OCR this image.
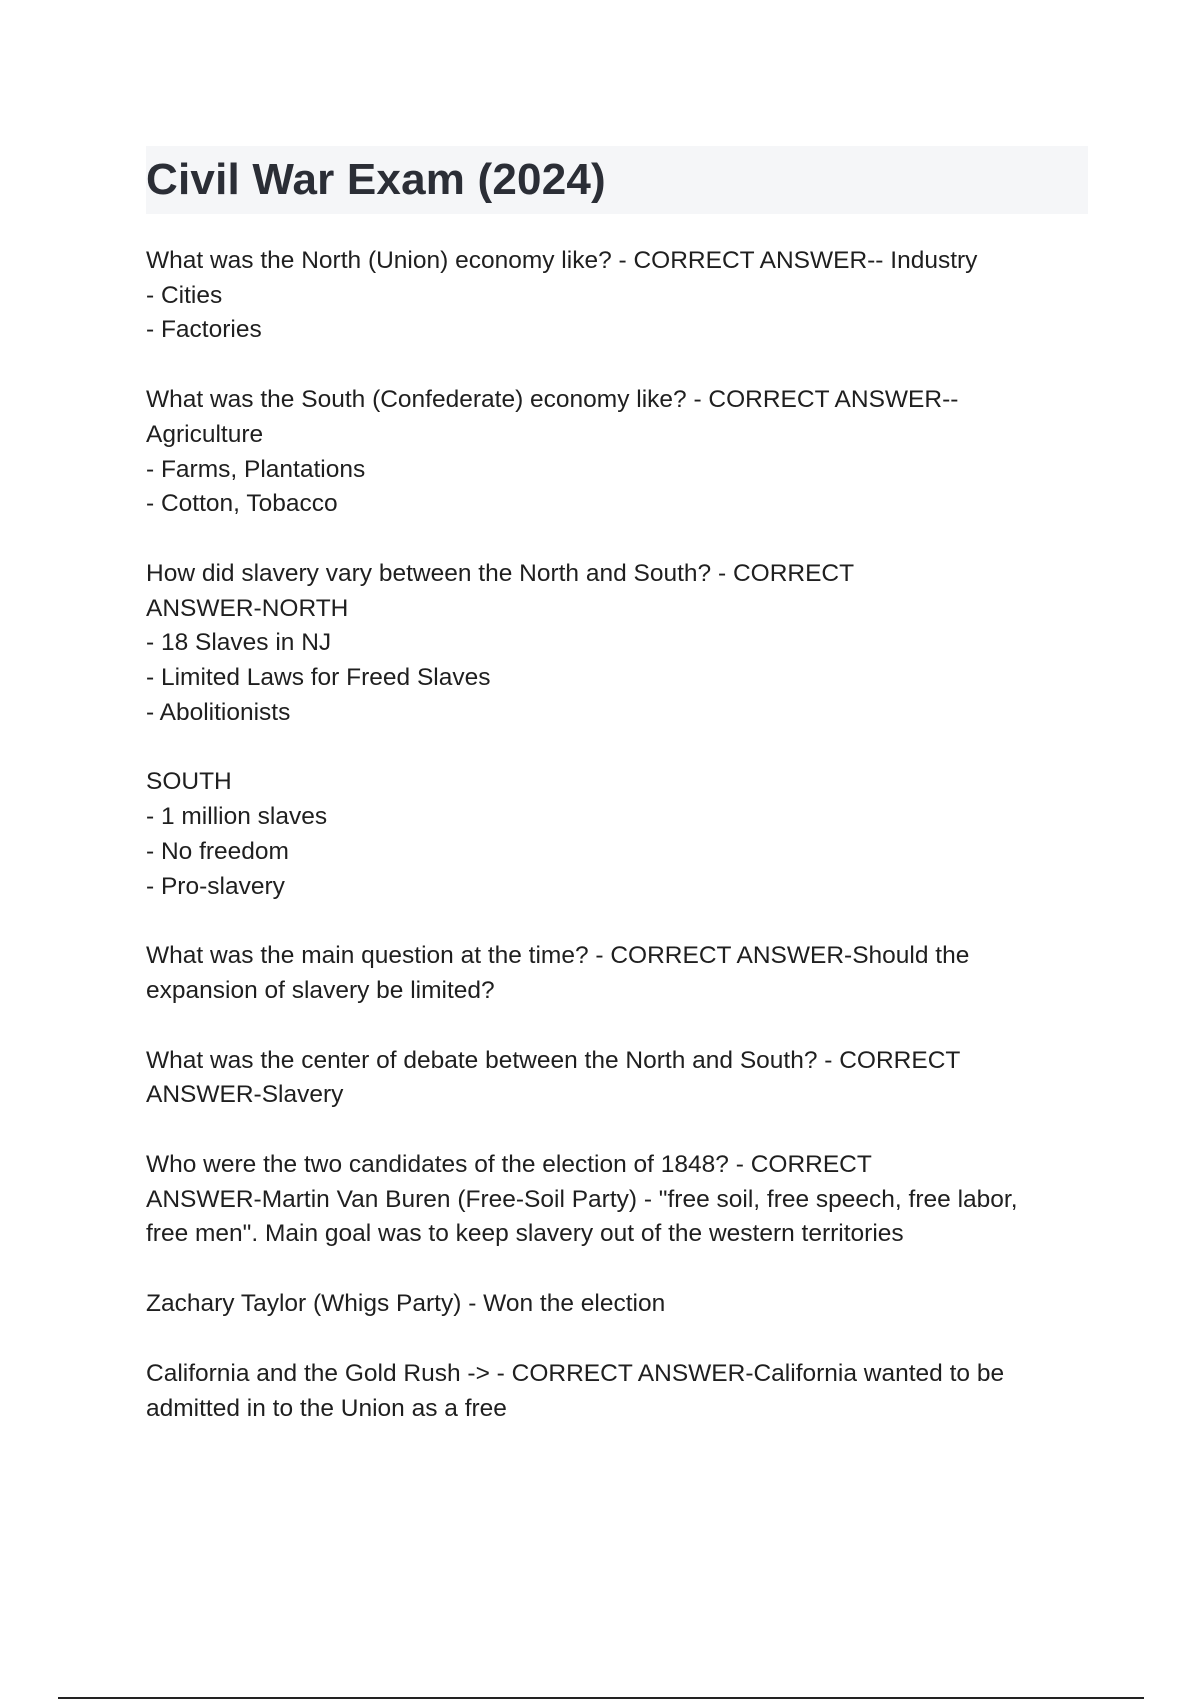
Civil War Exam (2024)

What was the North (Union) economy like? - CORRECT ANSWER-- Industry
- Cities
- Factories

What was the South (Confederate) economy like? - CORRECT ANSWER--
Agriculture
- Farms, Plantations
- Cotton, Tobacco

How did slavery vary between the North and South? - CORRECT
ANSWER-NORTH
- 18 Slaves in NJ
- Limited Laws for Freed Slaves
- Abolitionists

SOUTH
- 1 million slaves
- No freedom
- Pro-slavery

What was the main question at the time? - CORRECT ANSWER-Should the
expansion of slavery be limited?

What was the center of debate between the North and South? - CORRECT
ANSWER-Slavery

Who were the two candidates of the election of 1848? - CORRECT
ANSWER-Martin Van Buren (Free-Soil Party) - "free soil, free speech, free labor,
free men". Main goal was to keep slavery out of the western territories

Zachary Taylor (Whigs Party) - Won the election

California and the Gold Rush -> - CORRECT ANSWER-California wanted to be
admitted in to the Union as a free
